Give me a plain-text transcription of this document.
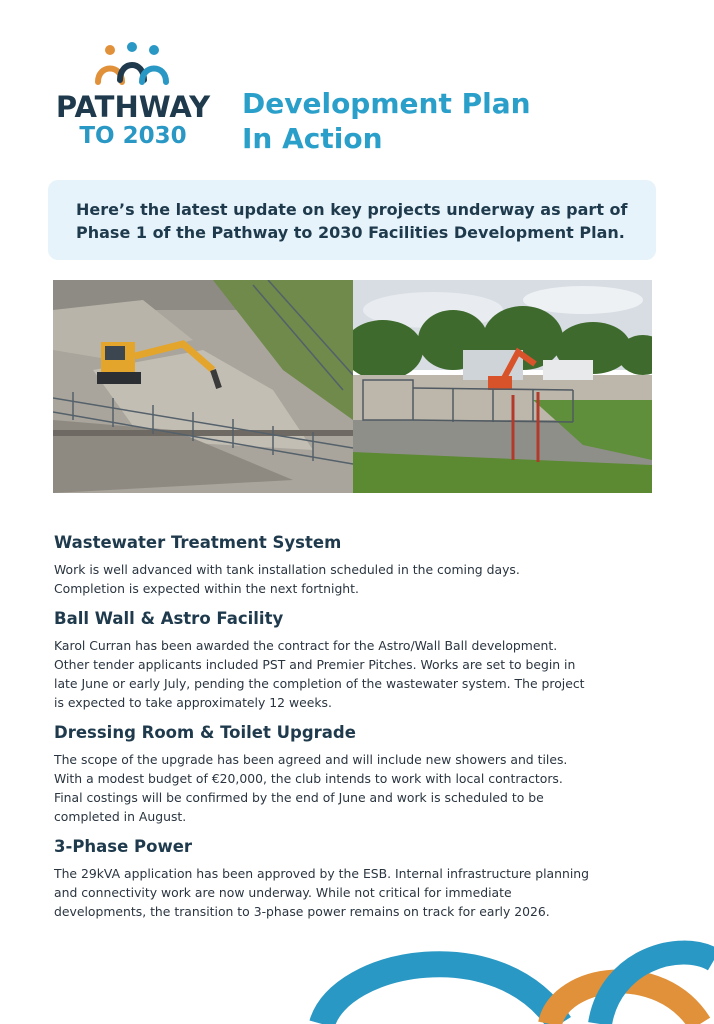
PATHWAY
TO 2030
Development Plan
In Action

Here’s the latest update on key projects underway as part of Phase 1 of the Pathway to 2030 Facilities Development Plan.

Wastewater Treatment System

Work is well advanced with tank installation scheduled in the coming days. Completion is expected within the next fortnight.

Ball Wall & Astro Facility

Karol Curran has been awarded the contract for the Astro/Wall Ball development. Other tender applicants included PST and Premier Pitches. Works are set to begin in late June or early July, pending the completion of the wastewater system. The project is expected to take approximately 12 weeks.

Dressing Room & Toilet Upgrade

The scope of the upgrade has been agreed and will include new showers and tiles. With a modest budget of €20,000, the club intends to work with local contractors. Final costings will be confirmed by the end of June and work is scheduled to be completed in August.

3-Phase Power

The 29kVA application has been approved by the ESB. Internal infrastructure planning and connectivity work are now underway. While not critical for immediate developments, the transition to 3-phase power remains on track for early 2026.
